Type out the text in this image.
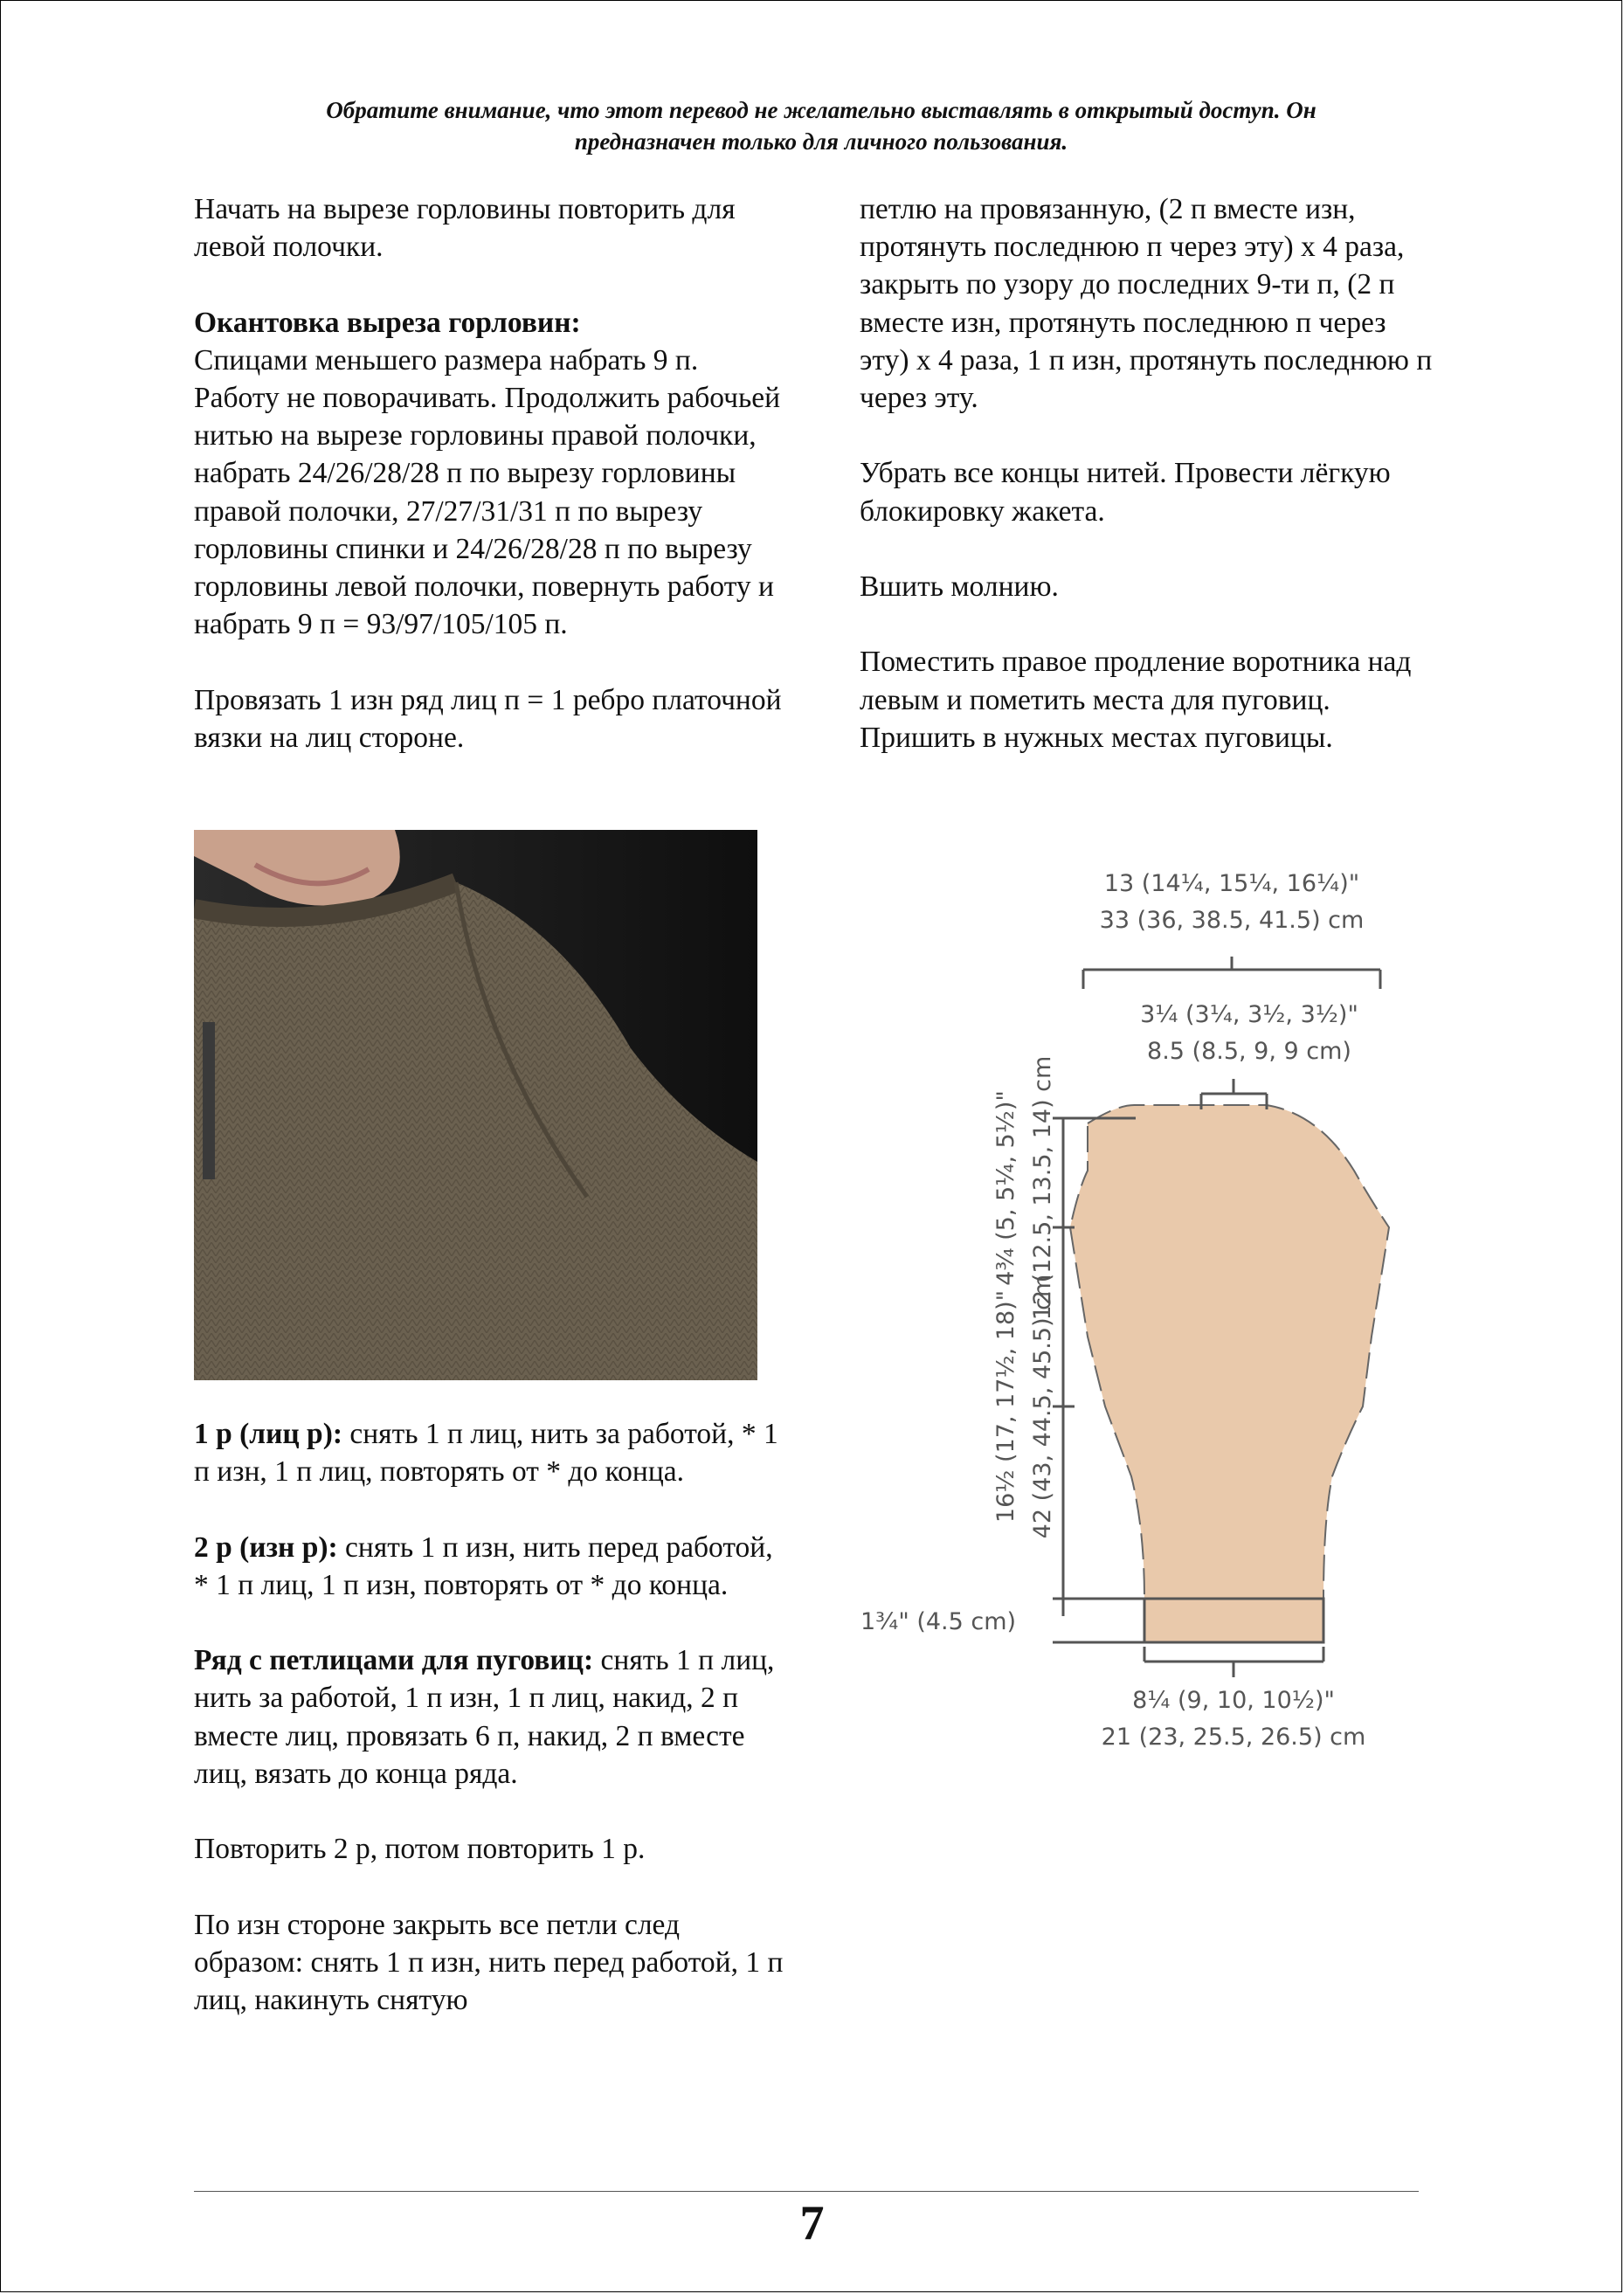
Обратите внимание, что этот перевод не желательно выставлять в открытый доступ. Он
предназначен только для личного пользования.

Начать на вырезе горловины повторить для левой полочки.

Окантовка выреза горловин:
Спицами меньшего размера набрать 9 п. Работу не поворачивать. Продолжить рабочьей нитью на вырезе горловины правой полочки, набрать 24/26/28/28 п по вырезу горловины правой полочки, 27/27/31/31 п по вырезу горловины спинки и 24/26/28/28 п по вырезу горловины левой полочки, повернуть работу и набрать 9 п = 93/97/105/105 п.

Провязать 1 изн ряд лиц п = 1 ребро платочной вязки на лиц стороне.

1 р (лиц р): снять 1 п лиц, нить за работой, * 1 п изн, 1 п лиц, повторять от * до конца.

2 р (изн р): снять 1 п изн, нить перед работой, * 1 п лиц, 1 п изн, повторять от * до конца.

Ряд с петлицами для пуговиц: снять 1 п лиц, нить за работой, 1 п изн, 1 п лиц, накид, 2 п вместе лиц, провязать 6 п, накид, 2 п вместе лиц, вязать до конца ряда.

Повторить 2 р, потом повторить 1 р.

По изн стороне закрыть все петли след образом: снять 1 п изн, нить перед работой, 1 п лиц, накинуть снятую

петлю на провязанную, (2 п вместе изн, протянуть последнюю п через эту) x 4 раза, закрыть по узору до последних 9-ти п, (2 п вместе изн, протянуть последнюю п через эту) x 4 раза, 1 п изн, протянуть последнюю п через эту.

Убрать все концы нитей. Провести лёгкую блокировку жакета.

Вшить молнию.

Поместить правое продление воротника над левым и пометить места для пуговиц. Пришить в нужных местах пуговицы.

13 (14¼, 15¼, 16¼)"
33 (36, 38.5, 41.5) cm
3¼ (3¼, 3½, 3½)"
8.5 (8.5, 9, 9 cm)
4¾ (5, 5¼, 5½)" 12 (12.5, 13.5, 14) cm
16½ (17, 17½, 18)" 42 (43, 44.5, 45.5) cm
1¾" (4.5 cm)
8¼ (9, 10, 10½)"
21 (23, 25.5, 26.5) cm
7
